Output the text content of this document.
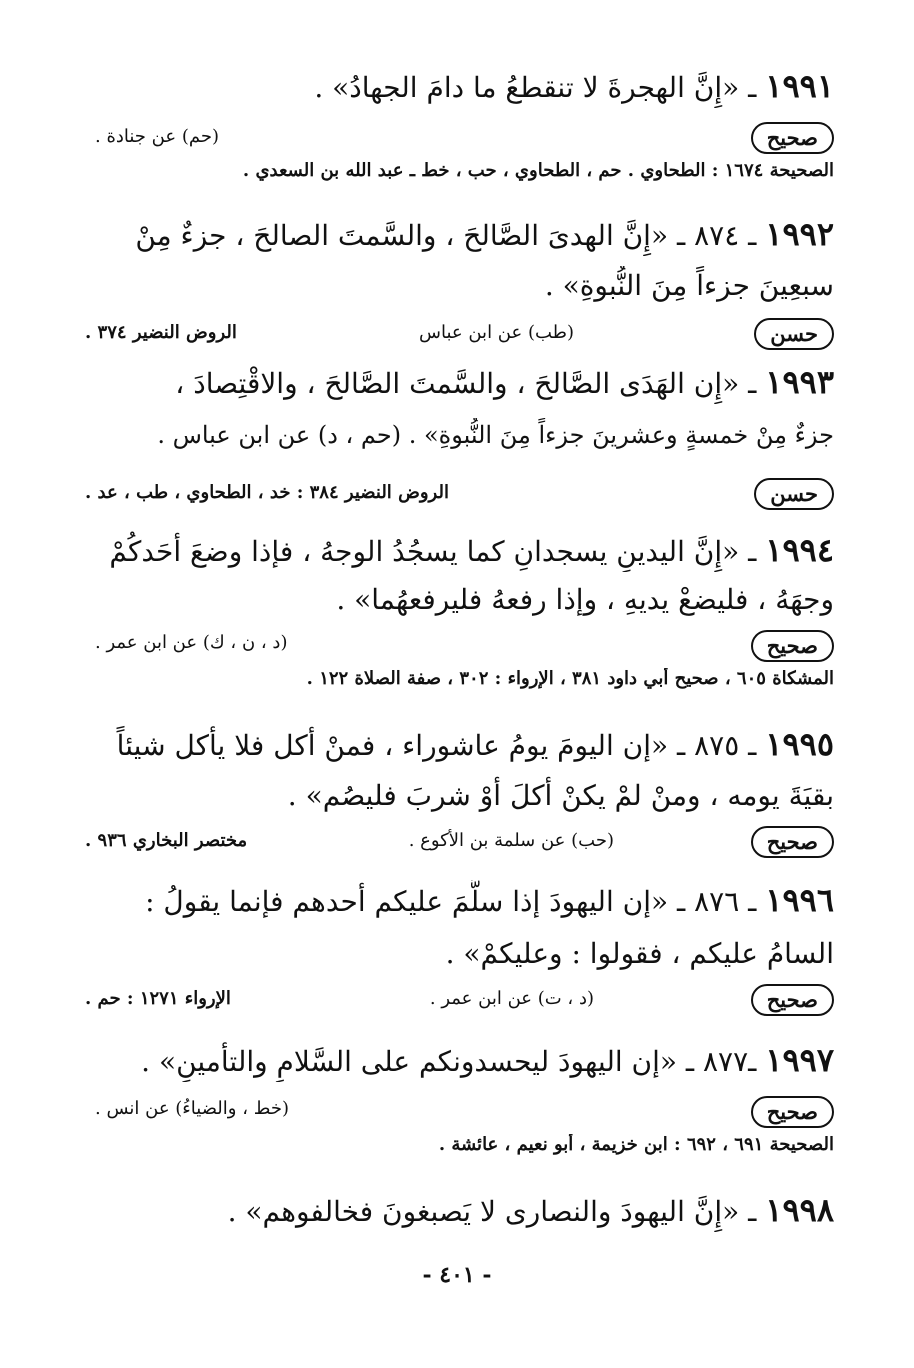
١٩٩١ ـ «إِنَّ الهجرةَ لا تنقطعُ ما دامَ الجهادُ» .
صحيح
(حم) عن جنادة .
الصحيحة ١٦٧٤ : الطحاوي . حم ، الطحاوي ، حب ، خط ـ عبد الله بن السعدي .
١٩٩٢ ـ ٨٧٤ ـ «إِنَّ الهدىَ الصَّالحَ ، والسَّمتَ الصالحَ ، جزءٌ مِنْ
سبعِينَ جزءاً مِنَ النُّبوةِ» .
حسن
(طب) عن ابن عباس
الروض النضير ٣٧٤ .
١٩٩٣ ـ «إِن الهَدَى الصَّالحَ ، والسَّمتَ الصَّالحَ ، والاقْتِصادَ ،
جزءٌ مِنْ خمسةٍ وعشرينَ جزءاً مِنَ النُّبوةِ» . (حم ، د) عن ابن عباس .
حسن
الروض النضير ٣٨٤ : خد ، الطحاوي ، طب ، عد .
١٩٩٤ ـ «إِنَّ اليدينِ يسجدانِ كما يسجُدُ الوجهُ ، فإذا وضعَ أحَدكُمْ
وجهَهُ ، فليضعْ يديهِ ، وإذا رفعهُ فليرفعهُما» .
صحيح
(د ، ن ، ك) عن ابن عمر .
المشكاة ٦٠٥ ، صحيح أبي داود ٣٨١ ، الإرواء : ٣٠٢ ، صفة الصلاة ١٢٢ .
١٩٩٥ ـ ٨٧٥ ـ «إن اليومَ يومُ عاشوراء ، فمنْ أكل فلا يأكل شيئاً
بقيَةَ يومه ، ومنْ لمْ يكنْ أكلَ أوْ شربَ فليصُم» .
صحيح
(حب) عن سلمة بن الأكوع .
مختصر البخاري ٩٣٦ .
١٩٩٦ ـ ٨٧٦ ـ «إن اليهودَ إذا سلَّمَ عليكم أحدهم فإنما يقولُ :
السامُ عليكم ، فقولوا : وعليكمْ» .
صحيح
(د ، ت) عن ابن عمر .
الإرواء ١٢٧١ : حم .
١٩٩٧ ـ٨٧٧ ـ «إن اليهودَ ليحسدونكم على السَّلامِ والتأمينِ» .
صحيح
(خط ، والضياءُ) عن انس .
الصحيحة ٦٩١ ، ٦٩٢ : ابن خزيمة ، أبو نعيم ، عائشة .
١٩٩٨ ـ «إِنَّ اليهودَ والنصارى لا يَصبغونَ فخالفوهم» .
- ٤٠١ -
